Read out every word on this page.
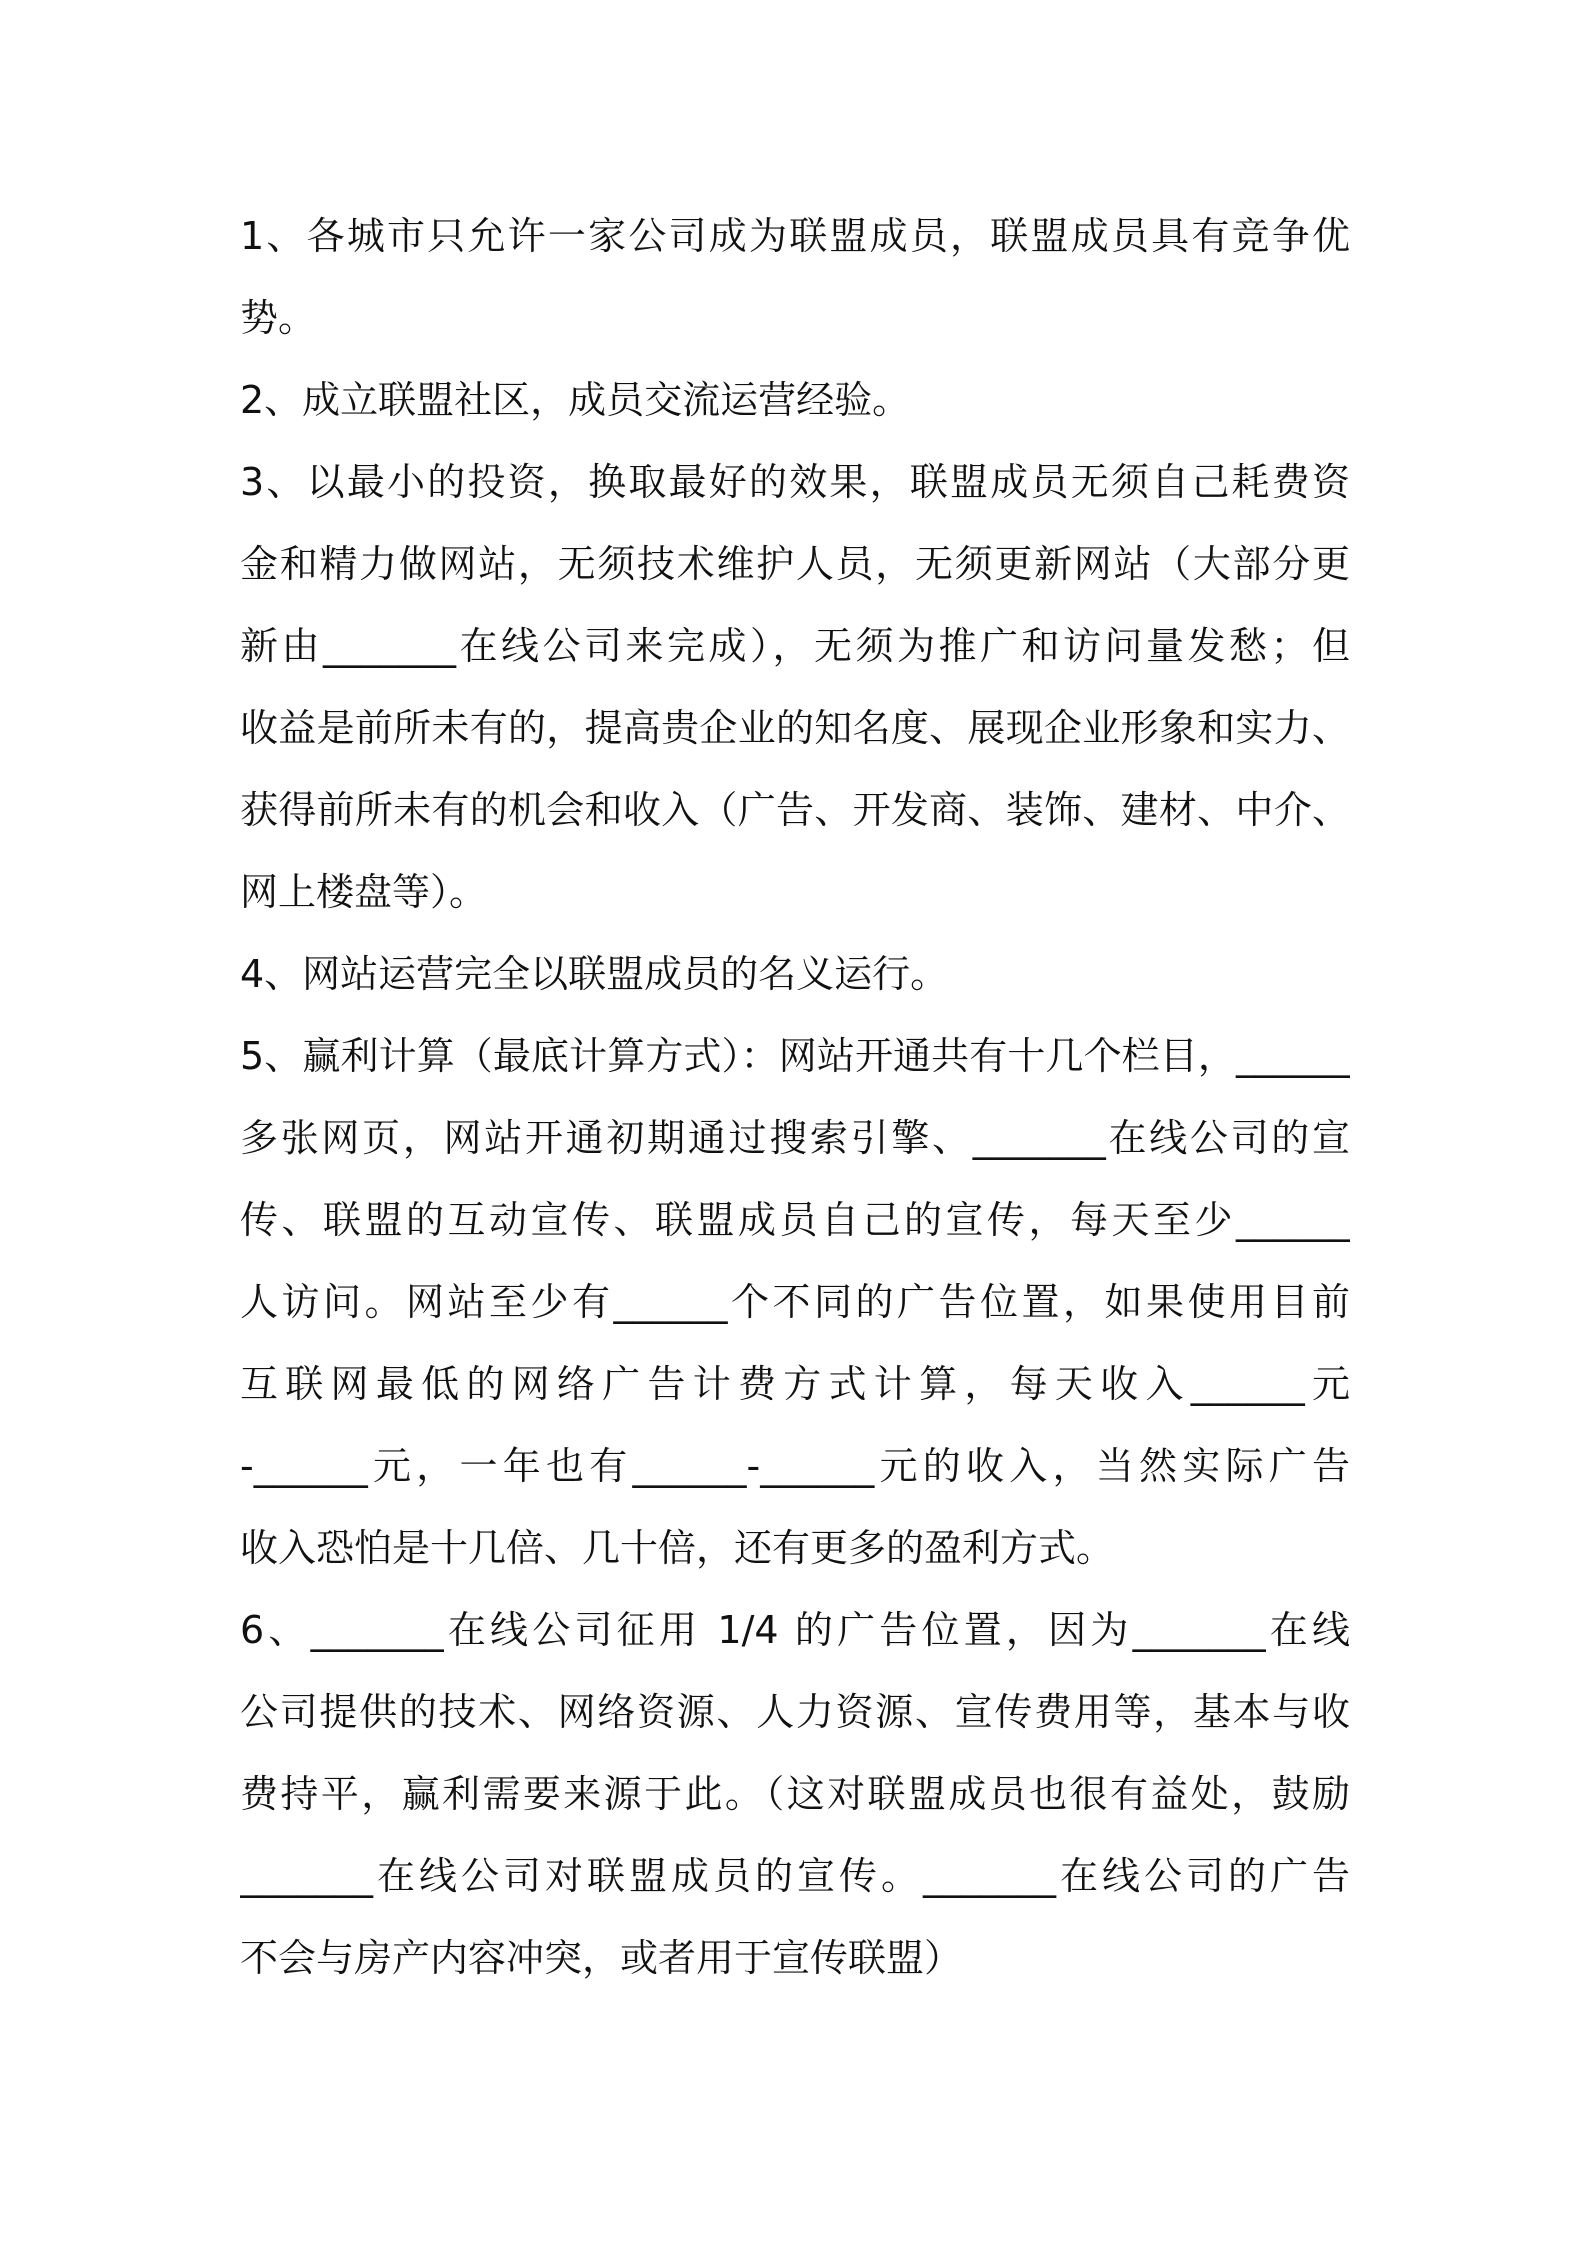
1、各城市只允许一家公司成为联盟成员，联盟成员具有竞争优
势。
2、成立联盟社区，成员交流运营经验。
3、以最小的投资，换取最好的效果，联盟成员无须自己耗费资
金和精力做网站，无须技术维护人员，无须更新网站（大部分更
新由_______在线公司来完成），无须为推广和访问量发愁；但
收益是前所未有的，提高贵企业的知名度、展现企业形象和实力、
获得前所未有的机会和收入（广告、开发商、装饰、建材、中介、
网上楼盘等）。
4、网站运营完全以联盟成员的名义运行。
5、赢利计算（最底计算方式）：网站开通共有十几个栏目，______
多张网页，网站开通初期通过搜索引擎、_______在线公司的宣
传、联盟的互动宣传、联盟成员自己的宣传，每天至少______
人访问。网站至少有______个不同的广告位置，如果使用目前
互联网最低的网络广告计费方式计算，每天收入______元
-______元，一年也有______-______元的收入，当然实际广告
收入恐怕是十几倍、几十倍，还有更多的盈利方式。
6、_______在线公司征用 1/4 的广告位置，因为_______在线
公司提供的技术、网络资源、人力资源、宣传费用等，基本与收
费持平，赢利需要来源于此。（这对联盟成员也很有益处，鼓励
_______在线公司对联盟成员的宣传。_______在线公司的广告
不会与房产内容冲突，或者用于宣传联盟）
